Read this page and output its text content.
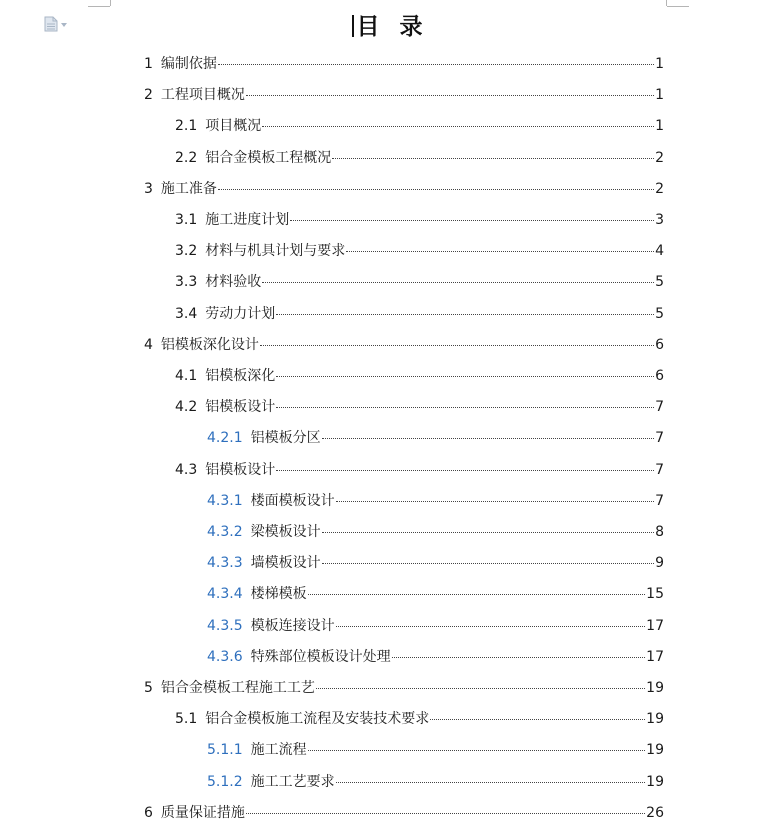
目 录
1 编制依据	1
2 工程项目概况	1
2.1 项目概况	1
2.2 铝合金模板工程概况	2
3 施工准备	2
3.1 施工进度计划	3
3.2 材料与机具计划与要求	4
3.3 材料验收	5
3.4 劳动力计划	5
4 铝模板深化设计	6
4.1 铝模板深化	6
4.2 铝模板设计	7
4.2.1 铝模板分区	7
4.3 铝模板设计	7
4.3.1 楼面模板设计	7
4.3.2 梁模板设计	8
4.3.3 墙模板设计	9
4.3.4 楼梯模板	15
4.3.5 模板连接设计	17
4.3.6 特殊部位模板设计处理	17
5 铝合金模板工程施工工艺	19
5.1 铝合金模板施工流程及安装技术要求	19
5.1.1 施工流程	19
5.1.2 施工工艺要求	19
6 质量保证措施	26
